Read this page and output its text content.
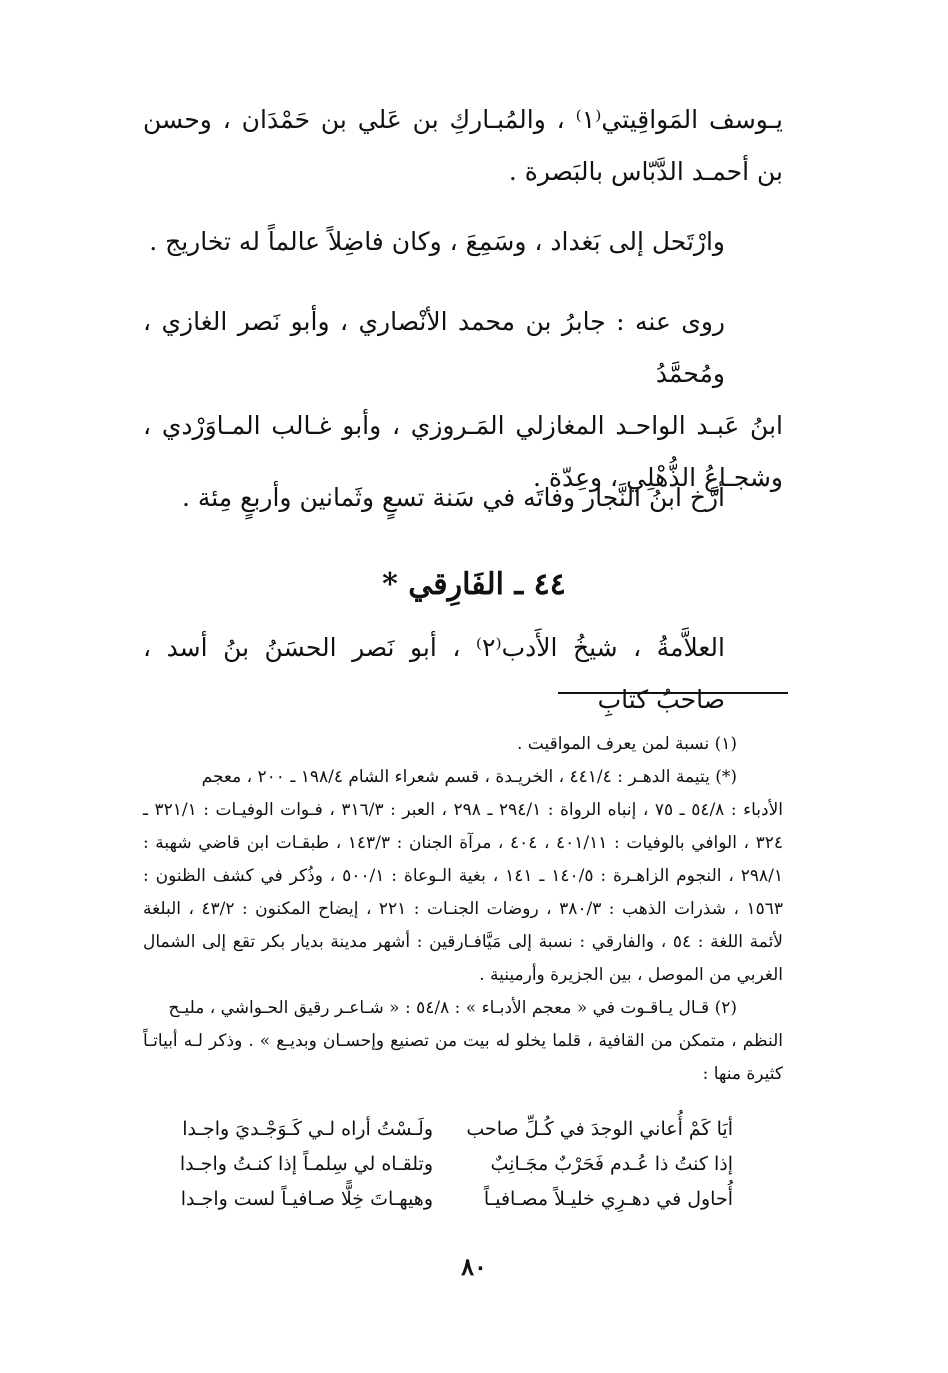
يـوسف المَواقِيتي⁽١⁾ ، والمُبـاركِ بن عَلي بن حَمْدَان ، وحسن بن أحمـد الدَّبّاس بالبَصرة .

وارْتَحل إلى بَغداد ، وسَمِعَ ، وكان فاضِلاً عالماً له تخاريج .

روى عنه : جابرُ بن محمد الأنْصاري ، وأبو نَصر الغازي ، ومُحمَّدُ
ابنُ عَبـد الواحـد المغازلي المَـروزي ، وأبو غـالب المـاوَرْدي ، وشجـاعُ الذُّهْلِي ، وعِدّة .

أرَّخ ابنُ النَّجار وفاتَه في سَنة تسعٍ وثَمانين وأربعٍ مِئة .

٤٤ ـ الفَارِقي *

العلاَّمةُ ، شيخُ الأَدب⁽٢⁾ ، أبو نَصر الحسَنُ بنُ أسد ، صاحبُ كتابِ

(١) نسبة لمن يعرف المواقيت .

(*) يتيمة الدهـر : ٤٤١/٤ ، الخريـدة ، قسم شعراء الشام ١٩٨/٤ ـ ٢٠٠ ، معجم
الأدباء : ٥٤/٨ ـ ٧٥ ، إنباه الرواة : ٢٩٤/١ ـ ٢٩٨ ، العبر : ٣١٦/٣ ، فـوات الوفيـات : ٣٢١/١ ـ ٣٢٤ ، الوافي بالوفيات : ٤٠١/١١ ، ٤٠٤ ، مرآة الجنان : ١٤٣/٣ ، طبقـات ابن قاضي شهبة : ٢٩٨/١ ، النجوم الزاهـرة : ١٤٠/٥ ـ ١٤١ ، بغية الـوعاة : ٥٠٠/١ ، وذُكر في كشف الظنون : ١٥٦٣ ، شذرات الذهب : ٣٨٠/٣ ، روضات الجنـات : ٢٢١ ، إيضاح المكنون : ٤٣/٢ ، البلغة لأئمة اللغة : ٥٤ ، والفارقي : نسبة إلى مَيَّافـارقين : أشهر مدينة بديار بكر تقع إلى الشمال الغربي من الموصل ، بين الجزيرة وأرمينية .

(٢) قـال يـاقـوت في « معجم الأدبـاء » : ٥٤/٨ : « شـاعـر رقيق الحـواشي ، مليـح
النظم ، متمكن من القافية ، قلما يخلو له بيت من تصنيع وإحسـان وبديـع » . وذكر لـه أبياتـاً كثيرة منها :

أيَا كَمْ أُعاني الوجدَ في كُـلِّ صاحب
ولَـسْتُ أراه لـي كَـوَجْـديَ واجـدا
إذا كنتُ ذا عُـدم فَحَرْبٌ مجَـانِبٌ
وتلقـاه لي سِلمـاً إذا كنـتُ واجـدا
أُحاول في دهـرِي خليـلاً مصـافيـاً
وهيهـاتَ خِلًّا صـافيـاً لست واجـدا
٨٠
